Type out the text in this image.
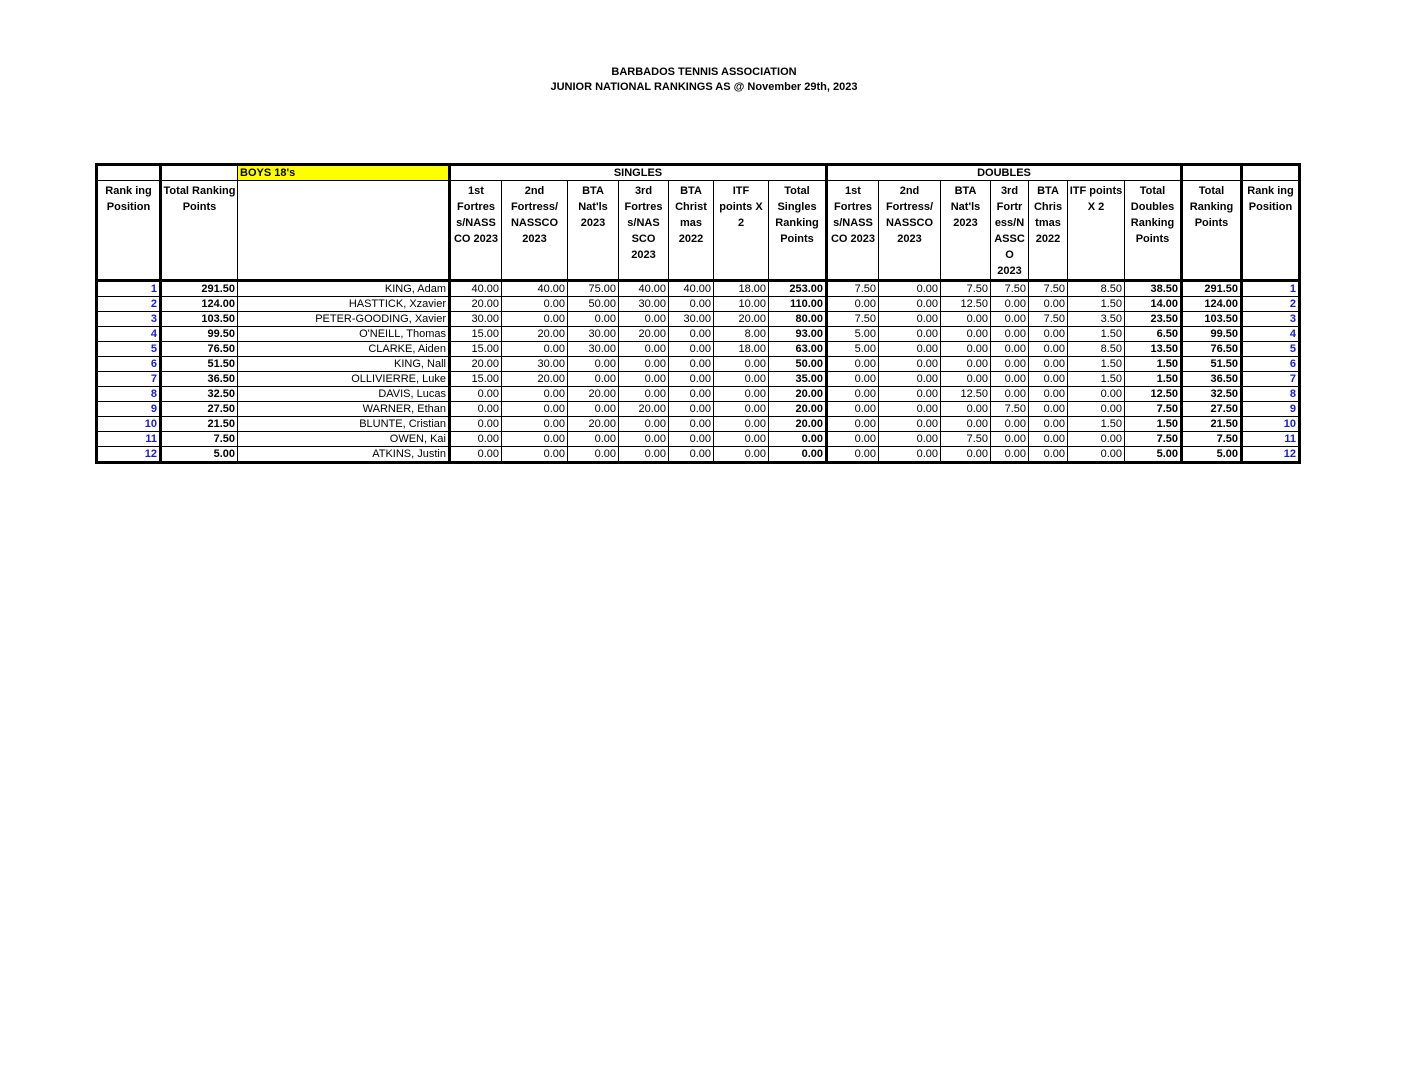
BARBADOS TENNIS ASSOCIATION
JUNIOR NATIONAL RANKINGS AS @ November 29th, 2023
		BOYS 18's	SINGLES							DOUBLES								
Rank ing Position	Total Ranking Points		1st Fortres s/NASS CO 2023	2nd Fortress/ NASSCO 2023	BTA Nat'ls 2023	3rd Fortres s/NAS SCO 2023	BTA Christ mas 2022	ITF points X 2	Total Singles Ranking Points	1st Fortres s/NASS CO 2023	2nd Fortress/ NASSCO 2023	BTA Nat'ls 2023	3rd Fortr ess/N ASSC O 2023	BTA Chris tmas 2022	ITF points X 2	Total Doubles Ranking Points	Total Ranking Points	Rank ing Position
1	291.50	KING, Adam	40.00	40.00	75.00	40.00	40.00	18.00	253.00	7.50	0.00	7.50	7.50	7.50	8.50	38.50	291.50	1
2	124.00	HASTTICK, Xzavier	20.00	0.00	50.00	30.00	0.00	10.00	110.00	0.00	0.00	12.50	0.00	0.00	1.50	14.00	124.00	2
3	103.50	PETER-GOODING, Xavier	30.00	0.00	0.00	0.00	30.00	20.00	80.00	7.50	0.00	0.00	0.00	7.50	3.50	23.50	103.50	3
4	99.50	O'NEILL, Thomas	15.00	20.00	30.00	20.00	0.00	8.00	93.00	5.00	0.00	0.00	0.00	0.00	1.50	6.50	99.50	4
5	76.50	CLARKE, Aiden	15.00	0.00	30.00	0.00	0.00	18.00	63.00	5.00	0.00	0.00	0.00	0.00	8.50	13.50	76.50	5
6	51.50	KING, Nall	20.00	30.00	0.00	0.00	0.00	0.00	50.00	0.00	0.00	0.00	0.00	0.00	1.50	1.50	51.50	6
7	36.50	OLLIVIERRE, Luke	15.00	20.00	0.00	0.00	0.00	0.00	35.00	0.00	0.00	0.00	0.00	0.00	1.50	1.50	36.50	7
8	32.50	DAVIS, Lucas	0.00	0.00	20.00	0.00	0.00	0.00	20.00	0.00	0.00	12.50	0.00	0.00	0.00	12.50	32.50	8
9	27.50	WARNER, Ethan	0.00	0.00	0.00	20.00	0.00	0.00	20.00	0.00	0.00	0.00	7.50	0.00	0.00	7.50	27.50	9
10	21.50	BLUNTE, Cristian	0.00	0.00	20.00	0.00	0.00	0.00	20.00	0.00	0.00	0.00	0.00	0.00	1.50	1.50	21.50	10
11	7.50	OWEN, Kai	0.00	0.00	0.00	0.00	0.00	0.00	0.00	0.00	0.00	7.50	0.00	0.00	0.00	7.50	7.50	11
12	5.00	ATKINS, Justin	0.00	0.00	0.00	0.00	0.00	0.00	0.00	0.00	0.00	0.00	0.00	0.00	0.00	5.00	5.00	12
